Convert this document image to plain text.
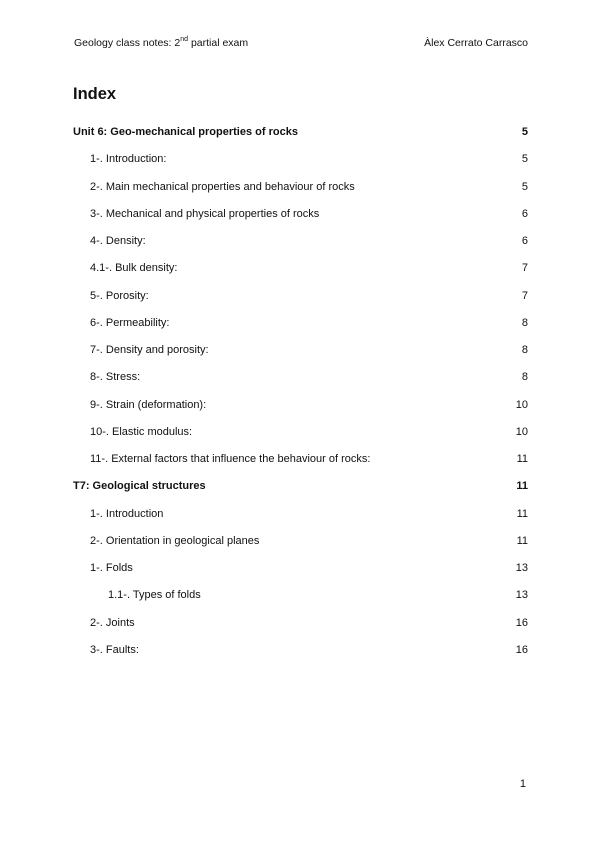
Geology class notes: 2nd partial exam	Àlex Cerrato Carrasco
Index
Unit 6: Geo-mechanical properties of rocks	5
1-. Introduction:	5
2-. Main mechanical properties and behaviour of rocks	5
3-. Mechanical and physical properties of rocks	6
4-. Density:	6
4.1-. Bulk density:	7
5-. Porosity:	7
6-. Permeability:	8
7-. Density and porosity:	8
8-. Stress:	8
9-. Strain (deformation):	10
10-. Elastic modulus:	10
11-. External factors that influence the behaviour of rocks:	11
T7: Geological structures	11
1-. Introduction	11
2-. Orientation in geological planes	11
1-. Folds	13
1.1-. Types of folds	13
2-. Joints	16
3-. Faults:	16
1
